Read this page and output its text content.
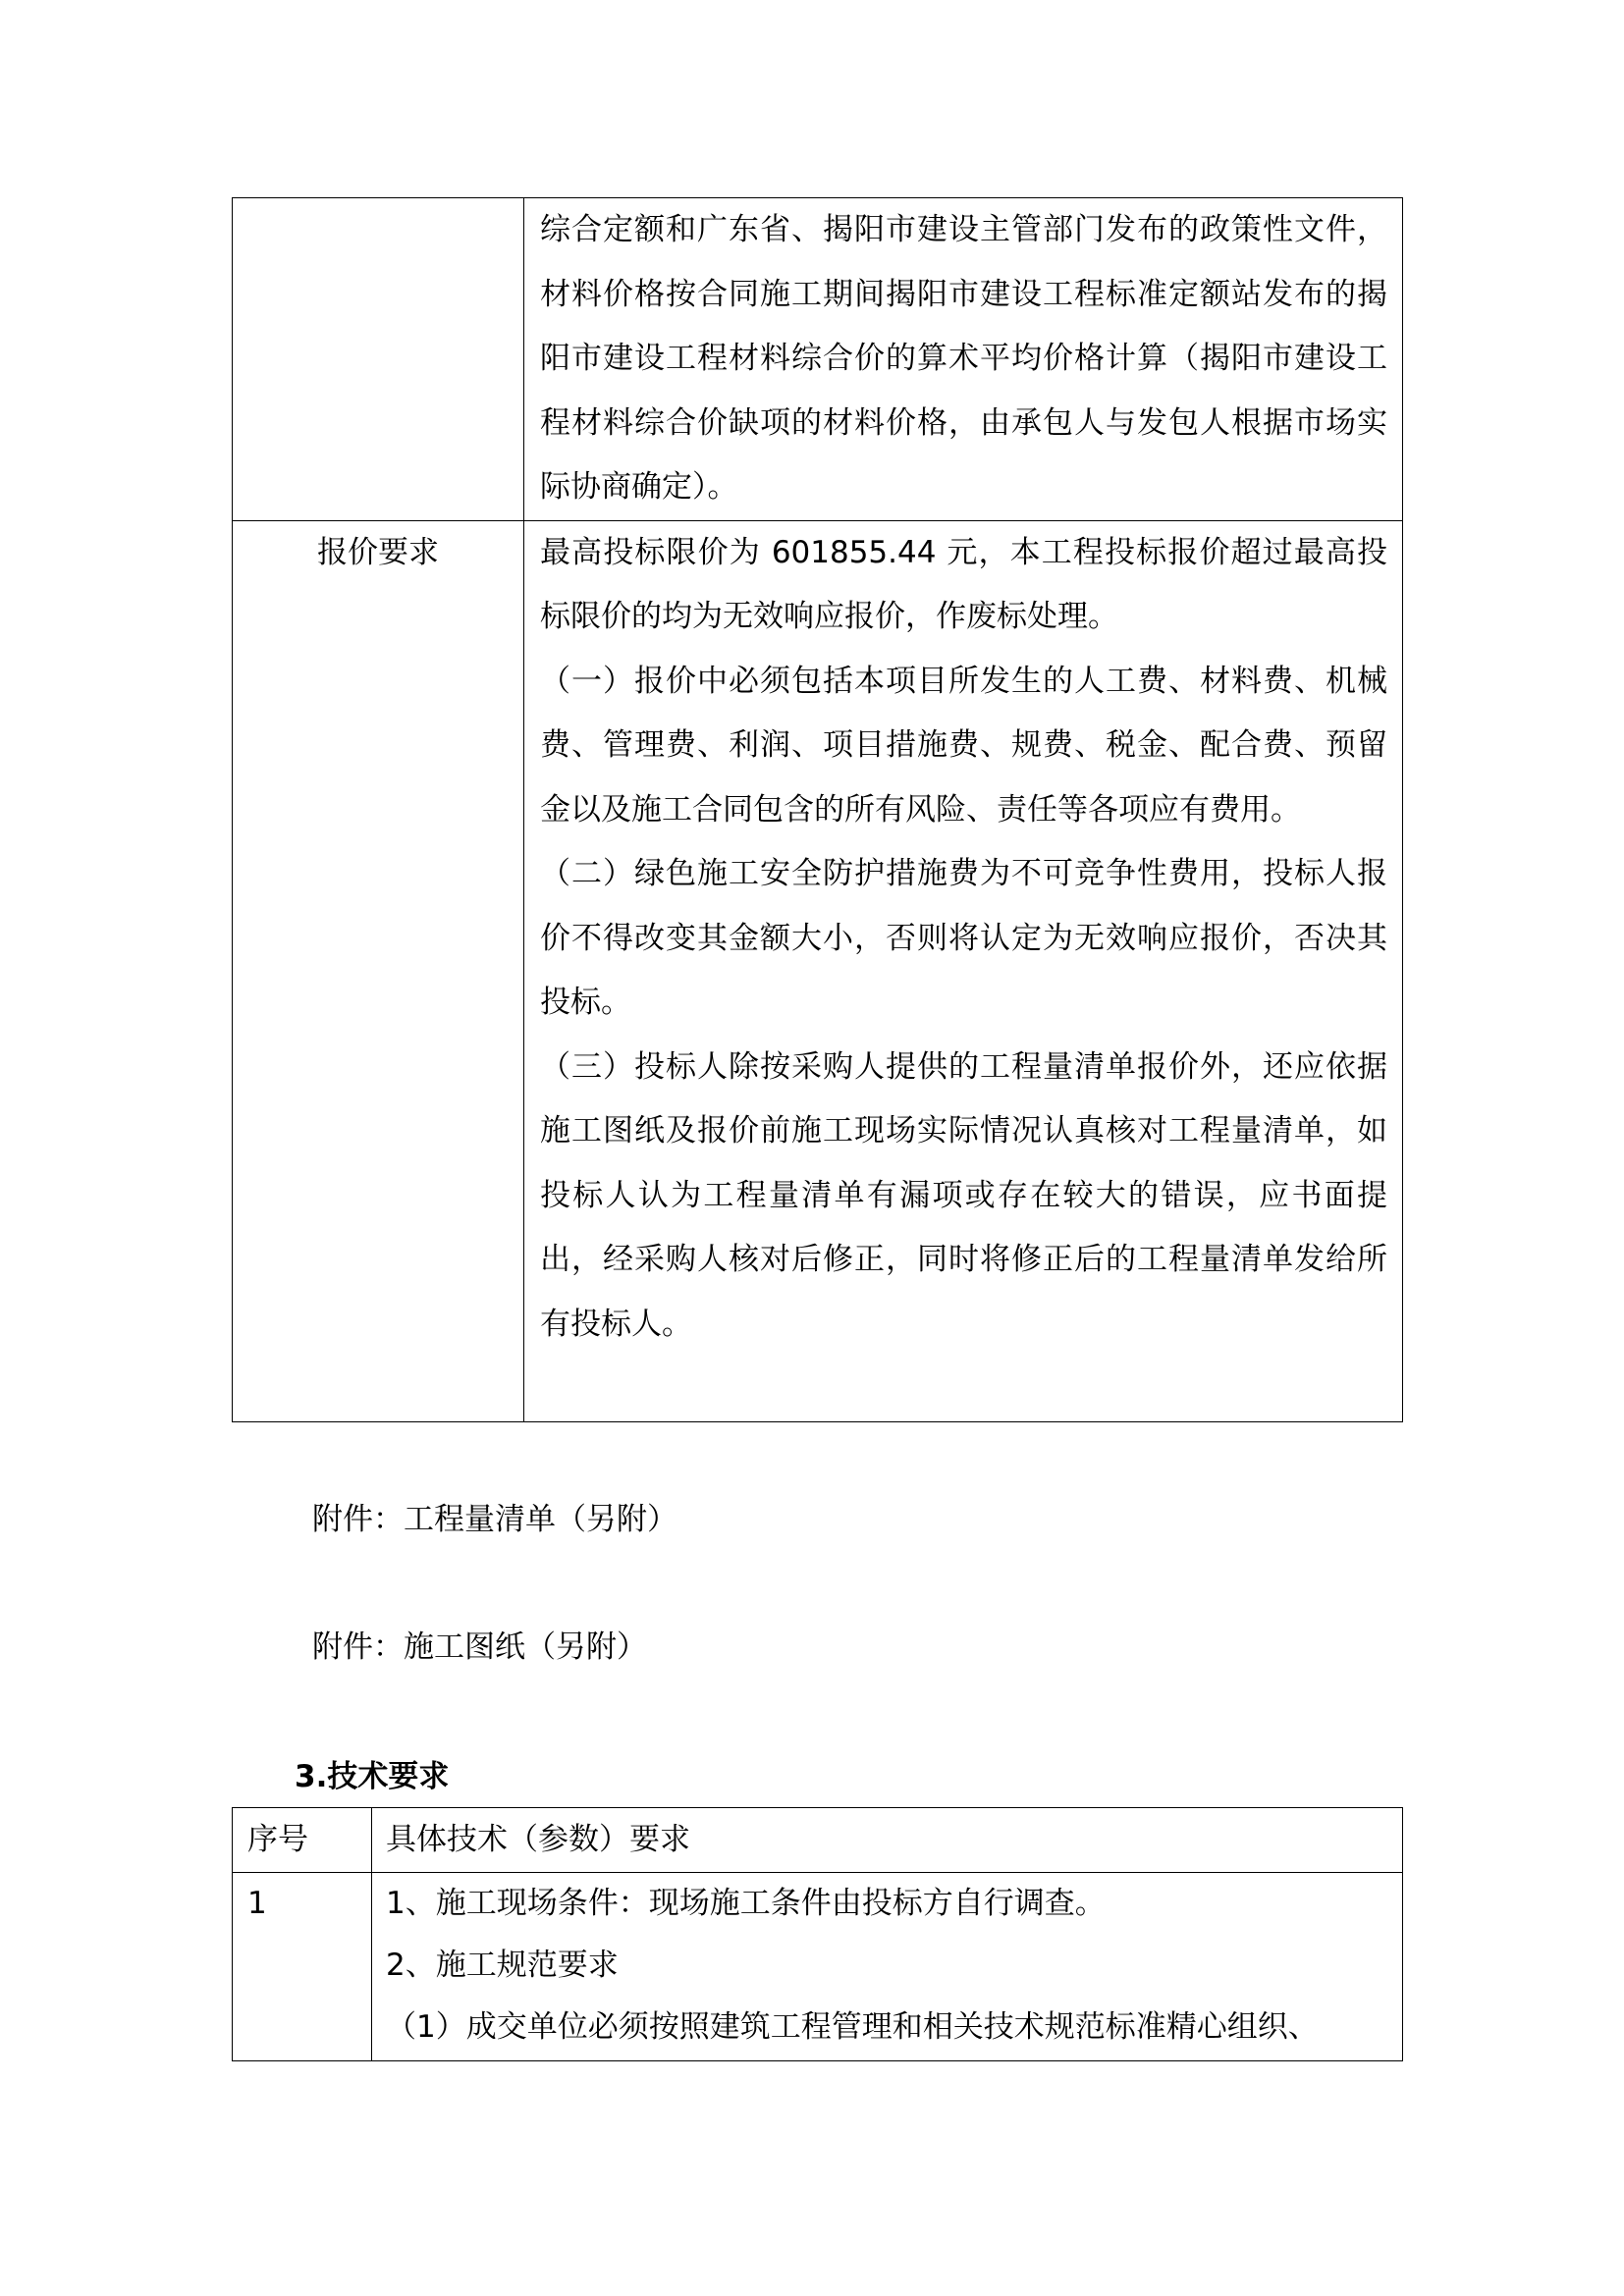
	综合定额和广东省、揭阳市建设主管部门发布的政策性文件，材料价格按合同施工期间揭阳市建设工程标准定额站发布的揭阳市建设工程材料综合价的算术平均价格计算（揭阳市建设工程材料综合价缺项的材料价格，由承包人与发包人根据市场实际协商确定）。

报价要求	最高投标限价为 601855.44 元，本工程投标报价超过最高投标限价的均为无效响应报价，作废标处理。

（一）报价中必须包括本项目所发生的人工费、材料费、机械费、管理费、利润、项目措施费、规费、税金、配合费、预留金以及施工合同包含的所有风险、责任等各项应有费用。

（二）绿色施工安全防护措施费为不可竞争性费用，投标人报价不得改变其金额大小，否则将认定为无效响应报价，否决其投标。

（三）投标人除按采购人提供的工程量清单报价外，还应依据施工图纸及报价前施工现场实际情况认真核对工程量清单，如投标人认为工程量清单有漏项或存在较大的错误，应书面提出，经采购人核对后修正，同时将修正后的工程量清单发给所有投标人。

附件：工程量清单（另附）

附件：施工图纸（另附）

3.技术要求

序号	具体技术（参数）要求
1	1、施工现场条件：现场施工条件由投标方自行调查。

2、施工规范要求

（1）成交单位必须按照建筑工程管理和相关技术规范标准精心组织、
